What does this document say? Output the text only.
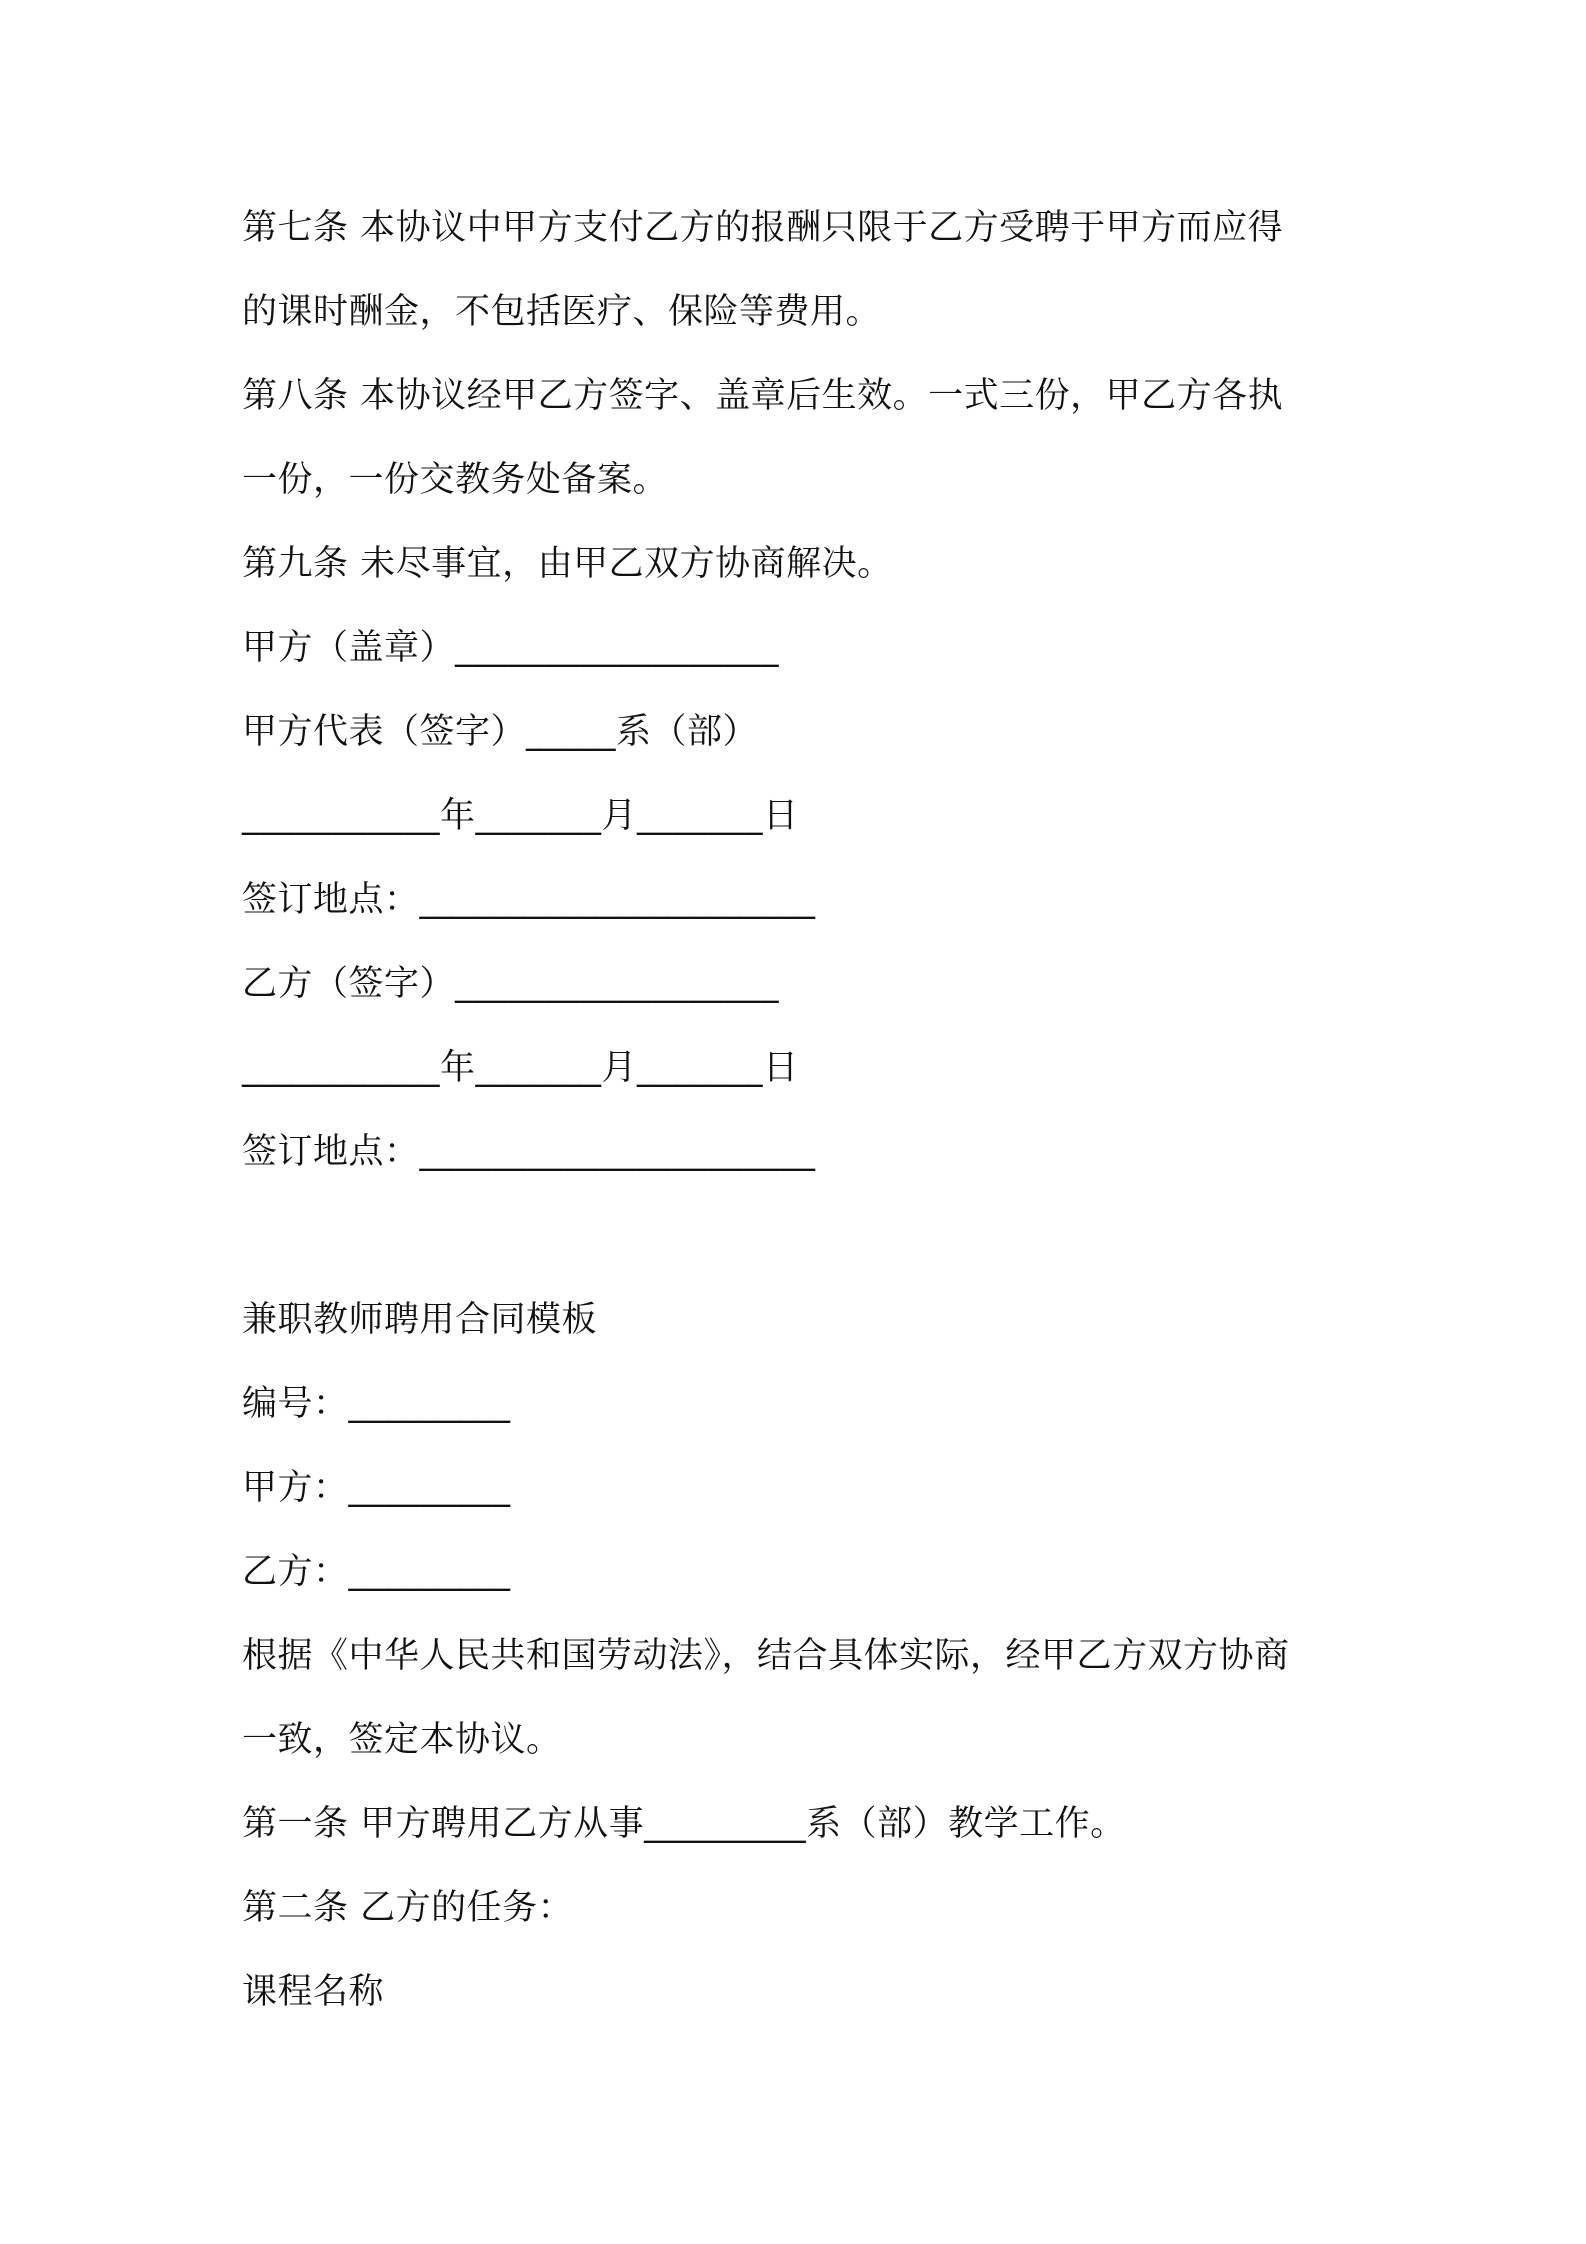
第七条 本协议中甲方支付乙方的报酬只限于乙方受聘于甲方而应得
的课时酬金，不包括医疗、保险等费用。
第八条 本协议经甲乙方签字、盖章后生效。一式三份，甲乙方各执
一份，一份交教务处备案。
第九条 未尽事宜，由甲乙双方协商解决。
甲方（盖章）__________________
甲方代表（签字）_____系（部）
___________年_______月_______日
签订地点：______________________
乙方（签字）__________________
___________年_______月_______日
签订地点：______________________
兼职教师聘用合同模板
编号：_________
甲方：_________
乙方：_________
根据《中华人民共和国劳动法》，结合具体实际，经甲乙方双方协商
一致，签定本协议。
第一条 甲方聘用乙方从事_________系（部）教学工作。
第二条 乙方的任务：
课程名称
